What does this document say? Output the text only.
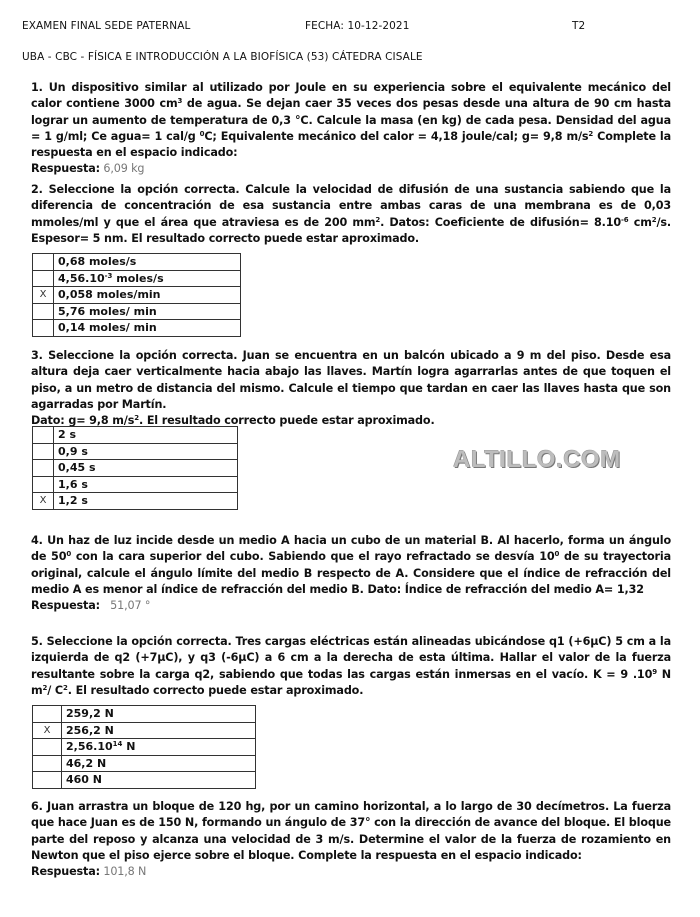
EXAMEN FINAL SEDE PATERNAL	FECHA: 10-12-2021	T2
UBA - CBC - FÍSICA E INTRODUCCIÓN A LA BIOFÍSICA (53) CÁTEDRA CISALE
1. Un dispositivo similar al utilizado por Joule en su experiencia sobre el equivalente mecánico del calor contiene 3000 $cm^3$ de agua. Se dejan caer 35 veces dos pesas desde una altura de 90 cm hasta lograr un aumento de temperatura de 0,3 °C. Calcule la masa (en kg) de cada pesa. Densidad del agua = 1 g/ml; Ce agua= 1 cal/g $^0$C; Equivalente mecánico del calor = 4,18 joule/cal; g= 9,8 $m/s^2$ Complete la respuesta en el espacio indicado:
Respuesta: 6,09 kg
2. Seleccione la opción correcta. Calcule la velocidad de difusión de una sustancia sabiendo que la diferencia de concentración de esa sustancia entre ambas caras de una membrana es de 0,03 mmoles/ml y que el área que atraviesa es de 200 $mm^2$. Datos: Coeficiente de difusión= $8.10^{-6}$ $cm^2/s$. Espesor= 5 nm. El resultado correcto puede estar aproximado.
	0,68 moles/s
	$4,56.10^{-3}$ moles/s
X	0,058 moles/min
	5,76 moles/ min
	0,14 moles/ min
3. Seleccione la opción correcta. Juan se encuentra en un balcón ubicado a 9 m del piso. Desde esa altura deja caer verticalmente hacia abajo las llaves. Martín logra agarrarlas antes de que toquen el piso, a un metro de distancia del mismo. Calcule el tiempo que tardan en caer las llaves hasta que son agarradas por Martín.
Dato: g= 9,8 $m/s^2$. El resultado correcto puede estar aproximado.
	2 s
	0,9 s
	0,45 s
	1,6 s
X	1,2 s
ALTILLO.COM
4. Un haz de luz incide desde un medio A hacia un cubo de un material B. Al hacerlo, forma un ángulo de $50^0$ con la cara superior del cubo. Sabiendo que el rayo refractado se desvía $10^0$ de su trayectoria original, calcule el ángulo límite del medio B respecto de A. Considere que el índice de refracción del medio A es menor al índice de refracción del medio B. Dato: Índice de refracción del medio A= 1,32
Respuesta:   51,07 °
5. Seleccione la opción correcta. Tres cargas eléctricas están alineadas ubicándose q1 (+6µC) 5 cm a la izquierda de q2 (+7µC), y q3 (-6µC) a 6 cm a la derecha de esta última. Hallar el valor de la fuerza resultante sobre la carga q2, sabiendo que todas las cargas están inmersas en el vacío. K = 9 $.10^9$ N $m^2/$ $C^2$. El resultado correcto puede estar aproximado.
	259,2 N
X	256,2 N
	2,56.10$^{14}$ N
	46,2 N
	460 N
6. Juan arrastra un bloque de 120 hg, por un camino horizontal, a lo largo de 30 decímetros. La fuerza que hace Juan es de 150 N, formando un ángulo de 37° con la dirección de avance del bloque. El bloque parte del reposo y alcanza una velocidad de 3 m/s. Determine el valor de la fuerza de rozamiento en Newton que el piso ejerce sobre el bloque. Complete la respuesta en el espacio indicado:
Respuesta: 101,8 N
